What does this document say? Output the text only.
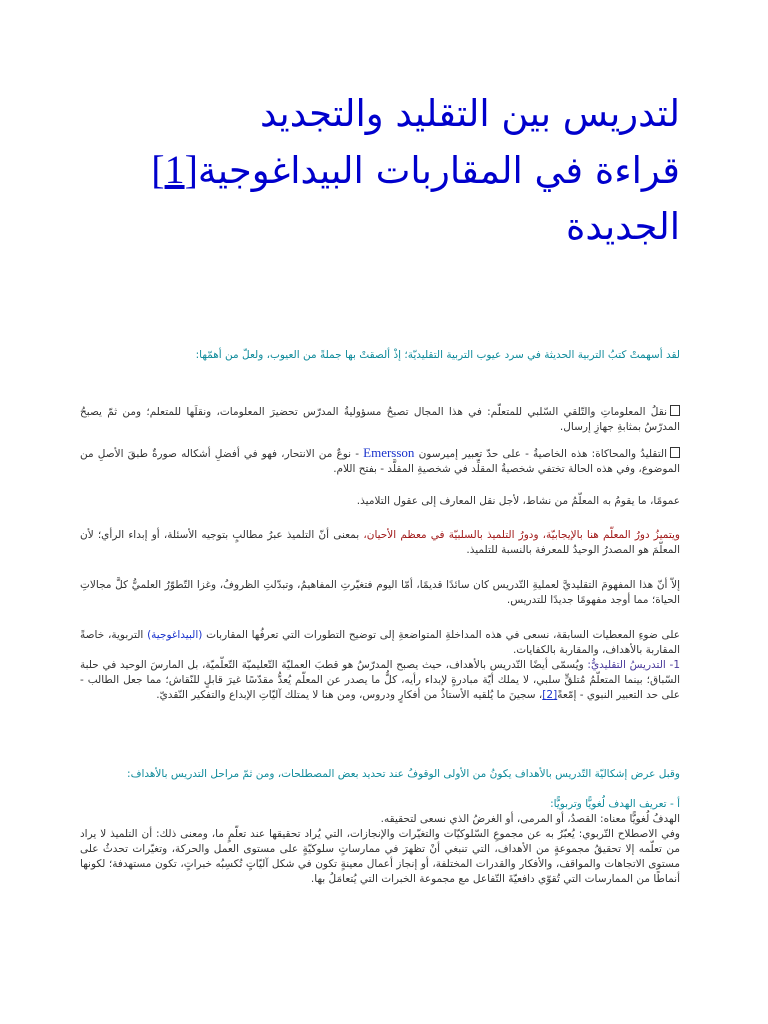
لتدريس بين التقليد والتجديد
قراءة في المقاربات البيداغوجية[1]
الجديدة

لقد أسهمتْ كتبُ التربية الحديثة في سرد عيوب التربية التقليديّة؛ إذْ ألصقتْ بها جملةً من العيوب، ولعلّ من أهمّها:

نقلُ المعلوماتِ والتّلقي السّلبي للمتعلّم: في هذا المجال تصبحُ مسؤوليةُ المدرّس تحضيرَ المعلومات، ونقلَها للمتعلم؛ ومن ثمّ يصبحُ المدرّسُ بمثابةِ جهازِ إرسال.

التقليدُ والمحاكاة: هذه الخاصيةُ - على حدّ تعبير إميرسون Emersson - نوعٌ من الانتحار، فهو في أفضلِ أشكاله صورةٌ طبقَ الأصلِ من الموضوع، وفي هذه الحالة تختفي شخصيةُ المقلِّد في شخصيةِ المقلَّد - بفتح اللام.

عمومًا، ما يقومُ به المعلّمُ من نشاط، لأجل نقل المعارف إلى عقول التلاميذ.

ويتميزُ دورُ المعلّم هنا بالإيجابيّة، ودورُ التلميذ بالسلبيّة في معظم الأحيان، بمعنى أنّ التلميذ عبرُ مطالبٍ بتوجيه الأسئلة، أو إبداء الرأي؛ لأن المعلّمَ هو المصدرُ الوحيدُ للمعرفة بالنسبة للتلميذ.

إلاّ أنّ هذا المفهومَ التقليديَّ لعمليةِ التّدريس كان سائدًا قديمًا، أمّا اليوم فتغيّرتِ المفاهيمُ، وتبدّلتِ الظروفُ، وغزا التّطوّرُ العلميُّ كلَّ مجالاتِ الحياة؛ مما أوجد مفهومًا جديدًا للتدريس.

على ضوءِ المعطيات السابقة، نسعى في هذه المداخلةِ المتواضعةِ إلى توضيح التطورات التي تعرفُها المقاربات (البيداغوجية) التربوية، خاصةً المقاربة بالأهداف، والمقاربة بالكفايات.

1- التدريسُ التقليديُّ: ويُسمّى أيضًا التّدريس بالأهداف، حيث يصبح المدرّسُ هو قطبَ العمليّة التّعليميّة التّعلّميّة، بل المارسَ الوحيد في حلبة السّباق؛ بينما المتعلّمُ مُتلقٍّ سلبي، لا يملك أيّة مبادرةٍ لإبداء رأيه، كلُّ ما يصدر عن المعلّم يُعدُّ مقدّسًا غيرَ قابلٍ للنّقاش؛ مما جعل الطالب - على حد التعبير النبوي - إمّعةً[2]، سجينَ ما يُلقيه الأستاذُ من أفكارٍ ودروس، ومن هنا لا يمتلك آليّاتِ الإبداع والتفكير النّقديّ.

وقبل عرض إشكاليّة التّدريس بالأهداف يكونُ من الأولى الوقوفُ عند تحديد بعض المصطلحات، ومن ثمّ مراحل التدريس بالأهداف:

أ - تعريف الهدف لُغويًّا وتربويًّا:

الهدفُ لُغويًّا معناه: القصدُ، أو المرمى، أو الغرضُ الذي نسعى لتحقيقه.

وفي الاصطلاح التّربوي: يُعبّرُ به عن مجموعِ السّلوكيّات والتغيّرات والإنجازات، التي يُراد تحقيقها عند تعلّمٍ ما، ومعنى ذلك: أن التلميذ لا يراد من تعلّمه إلا تحقيقُ مجموعةٍ من الأهداف، التي تنبغي أنْ تظهرَ في ممارساتٍ سلوكيّةٍ على مستوى العمل والحركة، وتغيّرات تحدثُ على مستوى الاتجاهات والمواقف، والأفكار والقدرات المختلفة، أو إنجاز أعمال معينةٍ تكون في شكل آليّاتٍ تُكسِبُه خبراتٍ، تكون مستهدفة؛ لكونها أنماطًا من الممارسات التي تُقوّي دافعيّةَ التّفاعل مع مجموعة الخبرات التي يُتعامَلُ بها.
